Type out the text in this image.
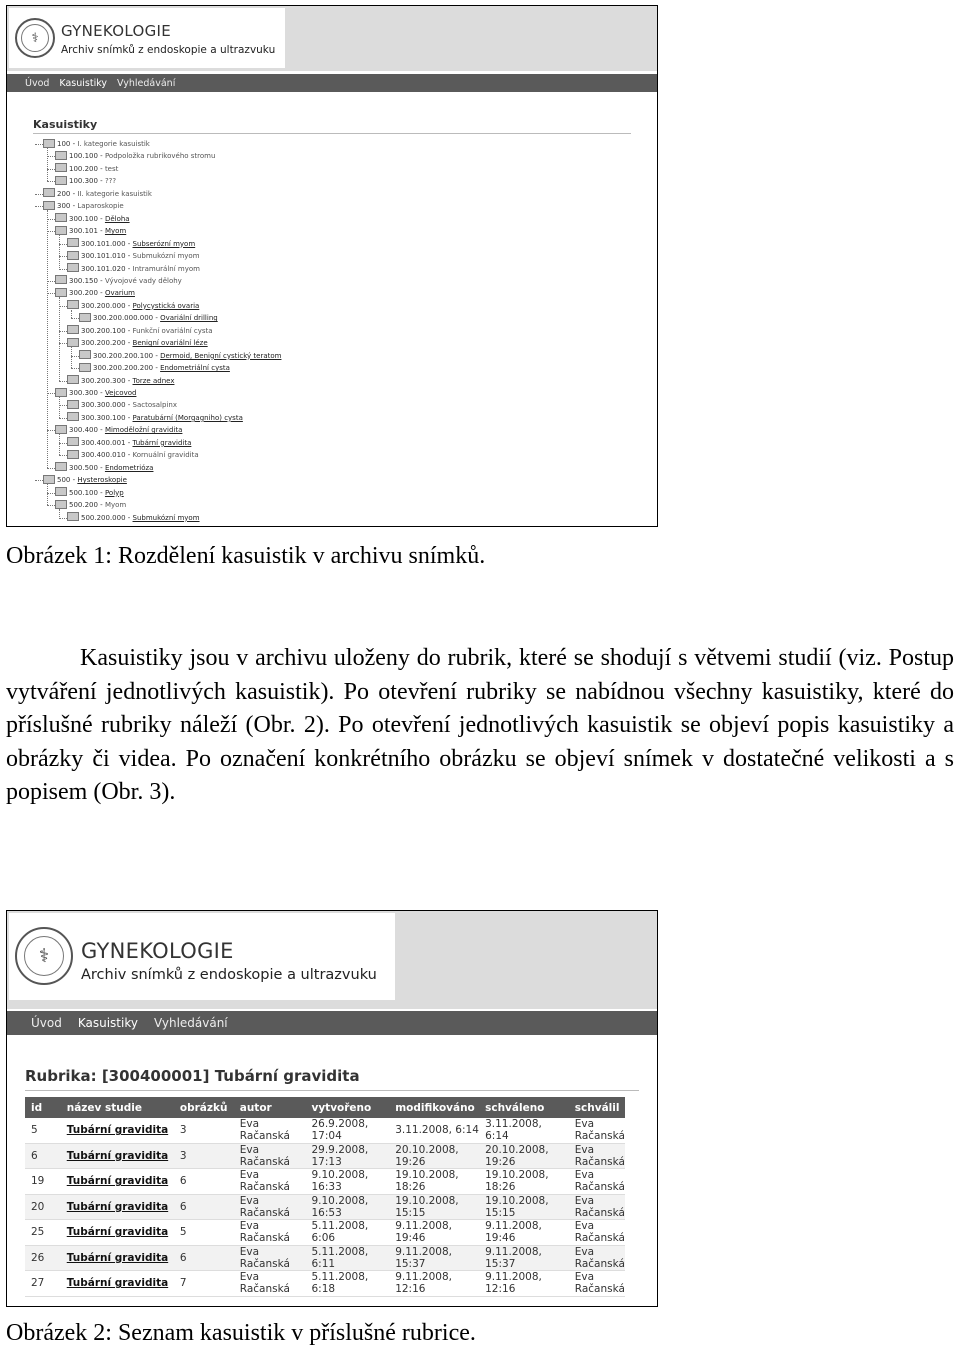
⚕	GYNEKOLOGIE
Archiv snímků z endoskopie a ultrazvuku
Úvod Kasuistiky Vyhledávání
Kasuistiky
100 - I. kategorie kasuistik
100.100 - Podpoložka rubrikového stromu
100.200 - test
100.300 - ???
200 - II. kategorie kasuistik
300 - Laparoskopie
300.100 - Děloha
300.101 - Myom
300.101.000 - Subserózní myom
300.101.010 - Submukózní myom
300.101.020 - Intramurální myom
300.150 - Vývojové vady dělohy
300.200 - Ovarium
300.200.000 - Polycystická ovaria
300.200.000.000 - Ovariální drilling
300.200.100 - Funkční ovariální cysta
300.200.200 - Benigní ovariální léze
300.200.200.100 - Dermoid, Benigní cystický teratom
300.200.200.200 - Endometriální cysta
300.200.300 - Torze adnex
300.300 - Vejcovod
300.300.000 - Sactosalpinx
300.300.100 - Paratubární (Morgagniho) cysta
300.400 - Mimoděložní gravidita
300.400.001 - Tubární gravidita
300.400.010 - Kornuální gravidita
300.500 - Endometrióza
500 - Hysteroskopie
500.100 - Polyp
500.200 - Myom
500.200.000 - Submukózní myom
Obrázek 1: Rozdělení kasuistik v archivu snímků.
Kasuistiky jsou v archivu uloženy do rubrik, které se shodují s větvemi studií (viz. Postup vytváření jednotlivých kasuistik). Po otevření rubriky se nabídnou všechny kasuistiky, které do příslušné rubriky náleží (Obr. 2). Po otevření jednotlivých kasuistik se objeví popis kasuistiky a obrázky či videa. Po označení konkrétního obrázku se objeví snímek v dostatečné velikosti a s popisem (Obr. 3).
⚕	GYNEKOLOGIE
Archiv snímků z endoskopie a ultrazvuku
Úvod Kasuistiky Vyhledávání
Rubrika: [300400001] Tubární gravidita
id	název studie	obrázků	autor	vytvořeno	modifikováno	schváleno	schválil
5	Tubární gravidita	3	Eva Račanská	26.9.2008, 17:04	3.11.2008, 6:14	3.11.2008, 6:14	Eva Račanská
6	Tubární gravidita	3	Eva Račanská	29.9.2008, 17:13	20.10.2008, 19:26	20.10.2008, 19:26	Eva Račanská
19	Tubární gravidita	6	Eva Račanská	9.10.2008, 16:33	19.10.2008, 18:26	19.10.2008, 18:26	Eva Račanská
20	Tubární gravidita	6	Eva Račanská	9.10.2008, 16:53	19.10.2008, 15:15	19.10.2008, 15:15	Eva Račanská
25	Tubární gravidita	5	Eva Račanská	5.11.2008, 6:06	9.11.2008, 19:46	9.11.2008, 19:46	Eva Račanská
26	Tubární gravidita	6	Eva Račanská	5.11.2008, 6:11	9.11.2008, 15:37	9.11.2008, 15:37	Eva Račanská
27	Tubární gravidita	7	Eva Račanská	5.11.2008, 6:18	9.11.2008, 12:16	9.11.2008, 12:16	Eva Račanská
Obrázek 2: Seznam kasuistik v příslušné rubrice.
